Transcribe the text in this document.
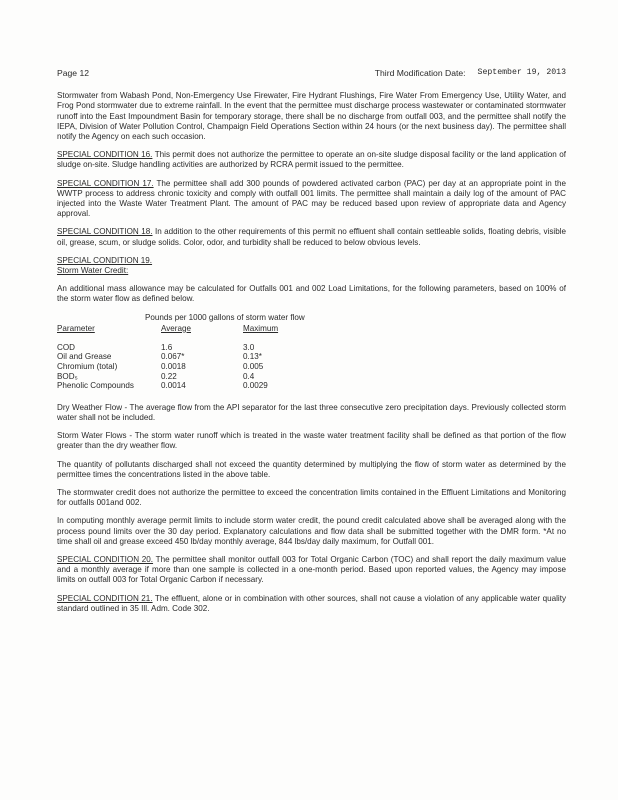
Page 12	Third Modification Date: September 19, 2013

Stormwater from Wabash Pond, Non-Emergency Use Firewater, Fire Hydrant Flushings, Fire Water From Emergency Use, Utility Water, and Frog Pond stormwater due to extreme rainfall. In the event that the permittee must discharge process wastewater or contaminated stormwater runoff into the East Impoundment Basin for temporary storage, there shall be no discharge from outfall 003, and the permittee shall notify the IEPA, Division of Water Pollution Control, Champaign Field Operations Section within 24 hours (or the next business day). The permittee shall notify the Agency on each such occasion.

SPECIAL CONDITION 16. This permit does not authorize the permittee to operate an on-site sludge disposal facility or the land application of sludge on-site. Sludge handling activities are authorized by RCRA permit issued to the permittee.

SPECIAL CONDITION 17. The permittee shall add 300 pounds of powdered activated carbon (PAC) per day at an appropriate point in the WWTP process to address chronic toxicity and comply with outfall 001 limits. The permittee shall maintain a daily log of the amount of PAC injected into the Waste Water Treatment Plant. The amount of PAC may be reduced based upon review of appropriate data and Agency approval.

SPECIAL CONDITION 18. In addition to the other requirements of this permit no effluent shall contain settleable solids, floating debris, visible oil, grease, scum, or sludge solids. Color, odor, and turbidity shall be reduced to below obvious levels.

SPECIAL CONDITION 19.
Storm Water Credit:

An additional mass allowance may be calculated for Outfalls 001 and 002 Load Limitations, for the following parameters, based on 100% of the storm water flow as defined below.

Pounds per 1000 gallons of storm water flow
Parameter	Average	Maximum

COD	1.6	3.0
Oil and Grease	0.067*	0.13*
Chromium (total)	0.0018	0.005
BOD₅	0.22	0.4
Phenolic Compounds	0.0014	0.0029

Dry Weather Flow - The average flow from the API separator for the last three consecutive zero precipitation days. Previously collected storm water shall not be included.

Storm Water Flows - The storm water runoff which is treated in the waste water treatment facility shall be defined as that portion of the flow greater than the dry weather flow.

The quantity of pollutants discharged shall not exceed the quantity determined by multiplying the flow of storm water as determined by the permittee times the concentrations listed in the above table.

The stormwater credit does not authorize the permittee to exceed the concentration limits contained in the Effluent Limitations and Monitoring for outfalls 001and 002.

In computing monthly average permit limits to include storm water credit, the pound credit calculated above shall be averaged along with the process pound limits over the 30 day period. Explanatory calculations and flow data shall be submitted together with the DMR form. *At no time shall oil and grease exceed 450 lb/day monthly average, 844 lbs/day daily maximum, for Outfall 001.

SPECIAL CONDITION 20. The permittee shall monitor outfall 003 for Total Organic Carbon (TOC) and shall report the daily maximum value and a monthly average if more than one sample is collected in a one-month period. Based upon reported values, the Agency may impose limits on outfall 003 for Total Organic Carbon if necessary.

SPECIAL CONDITION 21. The effluent, alone or in combination with other sources, shall not cause a violation of any applicable water quality standard outlined in 35 Ill. Adm. Code 302.
